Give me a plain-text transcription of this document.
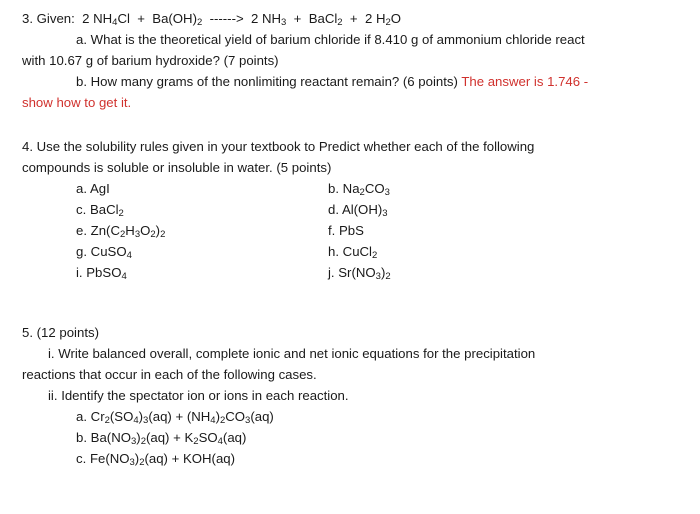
3. Given: 2 $NH_4Cl + Ba(OH)_2$  ------>  2 $NH_3$  +  BaCl$_2$  +  2 $H_2O$
a. What is the theoretical yield of barium chloride if 8.410 g of ammonium chloride react
with 10.67 g of barium hydroxide? (7 points)
b. How many grams of the nonlimiting reactant remain? (6 points) The answer is 1.746 -
show how to get it.
4. Use the solubility rules given in your textbook to Predict whether each of the following
compounds is soluble or insoluble in water. (5 points)
a. AgI	b. $Na_2CO_3$
c. BaCl$_2$	d. $Al(OH)_3$
e. $Zn(C_2H_3O_2)_2$	f. PbS
g. CuSO$_4$	h. CuCl$_2$
i. PbSO$_4$	j. $Sr(NO_3)_2$
5. (12 points)
i. Write balanced overall, complete ionic and net ionic equations for the precipitation
reactions that occur in each of the following cases.
ii. Identify the spectator ion or ions in each reaction.
a. $Cr_2(SO_4)_3(aq) + (NH_4)_2CO_3(aq)$
b. $Ba(NO_3)_2(aq) + K_2SO_4(aq)$
c. $Fe(NO_3)_2(aq) + KOH(aq)$
